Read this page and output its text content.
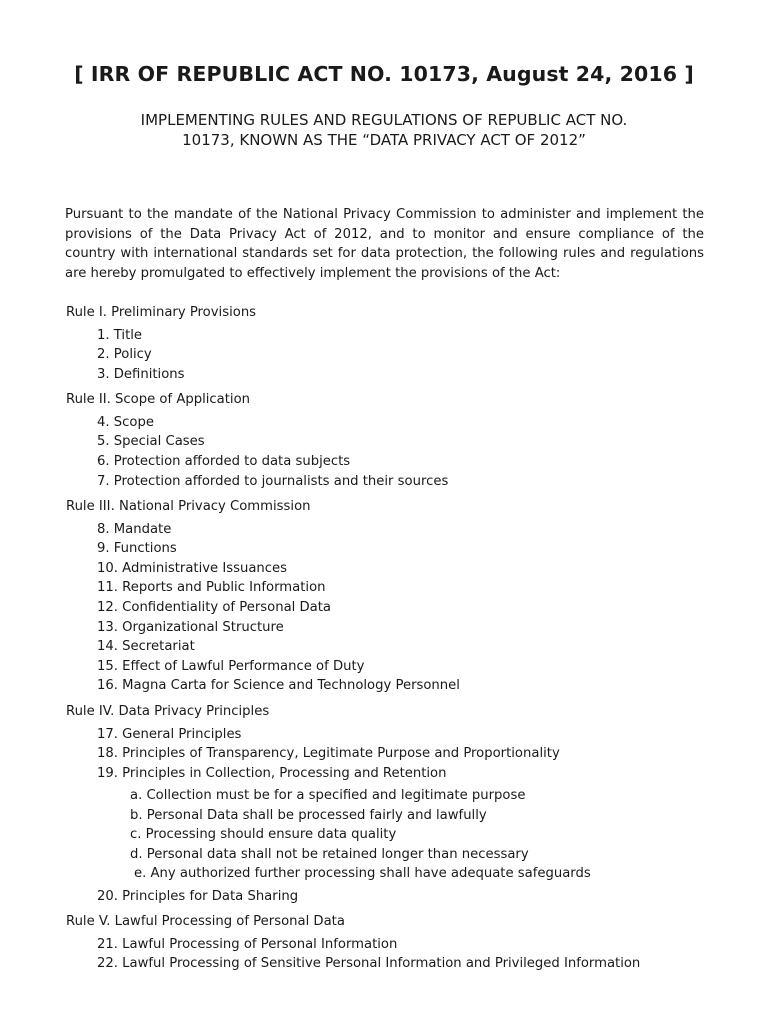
[ IRR OF REPUBLIC ACT NO. 10173, August 24, 2016 ]
IMPLEMENTING RULES AND REGULATIONS OF REPUBLIC ACT NO.
10173, KNOWN AS THE “DATA PRIVACY ACT OF 2012”
Pursuant to the mandate of the National Privacy Commission to administer and implement the provisions of the Data Privacy Act of 2012, and to monitor and ensure compliance of the country with international standards set for data protection, the following rules and regulations are hereby promulgated to effectively implement the provisions of the Act:
Rule I. Preliminary Provisions
1. Title
2. Policy
3. Definitions
Rule II. Scope of Application
4. Scope
5. Special Cases
6. Protection afforded to data subjects
7. Protection afforded to journalists and their sources
Rule III. National Privacy Commission
8. Mandate
9. Functions
10. Administrative Issuances
11. Reports and Public Information
12. Confidentiality of Personal Data
13. Organizational Structure
14. Secretariat
15. Effect of Lawful Performance of Duty
16. Magna Carta for Science and Technology Personnel
Rule IV. Data Privacy Principles
17. General Principles
18. Principles of Transparency, Legitimate Purpose and Proportionality
19. Principles in Collection, Processing and Retention
a. Collection must be for a specified and legitimate purpose
b. Personal Data shall be processed fairly and lawfully
c. Processing should ensure data quality
d. Personal data shall not be retained longer than necessary
e. Any authorized further processing shall have adequate safeguards
20. Principles for Data Sharing
Rule V. Lawful Processing of Personal Data
21. Lawful Processing of Personal Information
22. Lawful Processing of Sensitive Personal Information and Privileged Information
